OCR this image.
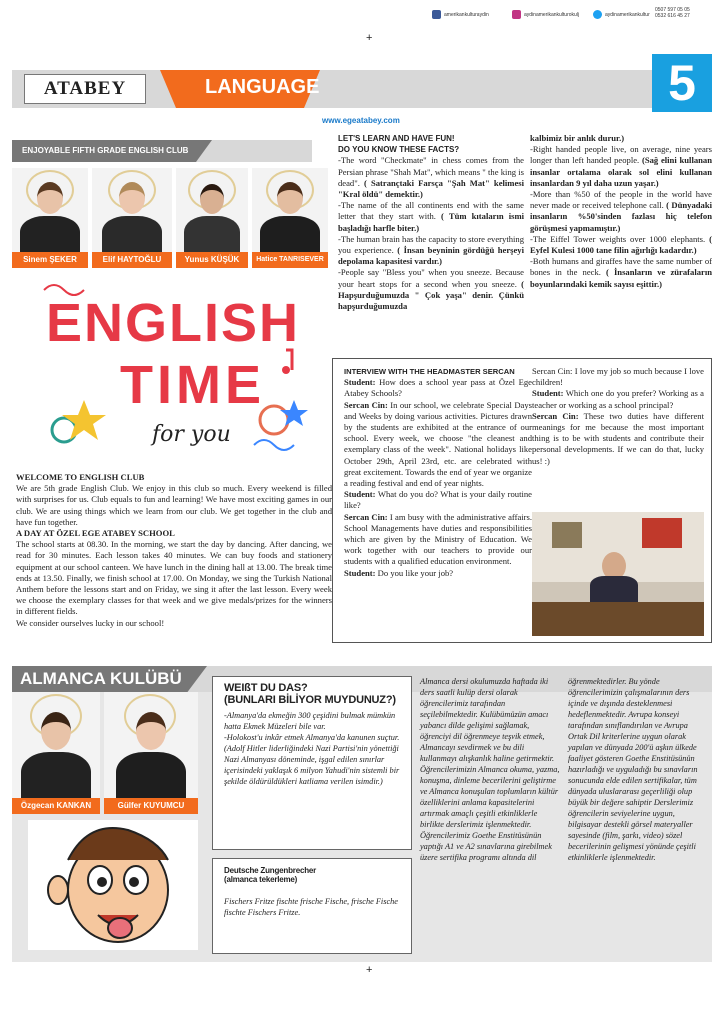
amerikankulturaydin	aydinamerikankulturokulj	aydinamerikankultur
0507 597 05 05
0532 616 45 27
+
ATABEY	LANGUAGE	5
www.egeatabey.com
ENJOYABLE FIFTH GRADE ENGLISH CLUB
Sinem ŞEKER	Elif HAYTOĞLU	Yunus KÜŞÜK	Hatice TANRISEVER
ENGLISH
TIME
for you
WELCOME TO ENGLISH CLUB
We are 5th grade English Club. We enjoy in this club so much. Every weekend is filled with surprises for us. Club equals to fun and learning! We have most exciting games in our club. We are using things which we learn from our club. We get together in the club and have fun together.
A DAY AT ÖZEL EGE ATABEY SCHOOL
The school starts at 08.30. In the morning, we start the day by dancing. After dancing, we read for 30 minutes. Each lesson takes 40 minutes. We can buy foods and stationery equipment at our school canteen. We have lunch in the dining hall at 13.00. The break time ends at 13.50. Finally, we finish school at 17.00. On Monday, we sing the Turkish National Anthem before the lessons start and on Friday, we sing it after the last lesson. Every week we choose the exemplary classes for that week and we give medals/prizes for the winners in different fields.
We consider ourselves lucky in our school!
LET'S LEARN AND HAVE FUN!
DO YOU KNOW THESE FACTS?
-The word "Checkmate" in chess comes from the Persian phrase "Shah Mat", which means " the king is dead". ( Satrançtaki Farsça "Şah Mat" kelimesi "Kral öldü" demektir.)
-The name of the all continents end with the same letter that they start with. ( Tüm kıtaların ismi başladığı harfle biter.)
-The human brain has the capacity to store everything you experience. ( İnsan beyninin gördüğü herşeyi depolama kapasitesi vardır.)
-People say "Bless you" when you sneeze. Because your heart stops for a second when you sneeze. ( Hapşurduğumuzda " Çok yaşa" denir. Çünkü hapşurduğumuzda
kalbimiz bir anlık durur.)
-Right handed people live, on average, nine years longer than left handed people. (Sağ elini kullanan insanlar ortalama olarak sol elini kullanan insanlardan 9 yıl daha uzun yaşar.)
-More than %50 of the people in the world have never made or received telephone call. ( Dünyadaki insanların %50'sinden fazlası hiç telefon görüşmesi yapmamıştır.)
-The Eiffel Tower weights over 1000 elephants. ( Eyfel Kulesi 1000 tane filin ağırlığı kadardır.)
-Both humans and giraffes have the same number of bones in the neck. ( İnsanların ve zürafaların boyunlarındaki kemik sayısı eşittir.)
INTERVIEW WITH THE HEADMASTER SERCAN
Student: How does a school year pass at Özel Ege Atabey Schools?
Sercan Cin: In our school, we celebrate Special Days and Weeks by doing various activities. Pictures drawn by the students are exhibited at the entrance of our school. Every week, we choose "the cleanest and exemplary class of the week". National holidays like October 29th, April 23rd, etc. are celebrated with great excitement. Towards the end of year we organize a reading festival and end of year nights.
Student: What do you do? What is your daily routine like?
Sercan Cin: I am busy with the administrative affairs. School Managements have duties and responsibilities which are given by the Ministry of Education. We work together with our teachers to provide our students with a qualified education environment.
Student: Do you like your job?
Sercan Cin: I love my job so much because I love children!
Student: Which one do you prefer? Working as a teacher or working as a school principal?
Sercan Cin: These two duties have different meanings for me because the most important thing is to be with students and contribute their personal developments. If we can do that, lucky us! :)
ALMANCA KULÜBÜ
Özgecan KANKAN	Gülfer KUYUMCU
WEIßT DU DAS?
(BUNLARI BİLİYOR MUYDUNUZ?)
-Almanya'da ekmeğin 300 çeşidini bulmak mümkün hatta Ekmek Müzeleri bile var.
-Holokost'u inkâr etmek Almanya'da kanunen suçtur. (Adolf Hitler liderliğindeki Nazi Partisi'nin yönettiği Nazi Almanyası döneminde, işgal edilen sınırlar içerisindeki yaklaşık 6 milyon Yahudi'nin sistemli bir şekilde öldürüldükleri katliama verilen isimdir.)
Deutsche Zungenbrecher
(almanca tekerleme)
Fischers Fritze fischte frische Fische, frische Fische fischte Fischers Fritze.
Almanca dersi okulumuzda haftada iki ders saatli kulüp dersi olarak öğrencilerimiz tarafından seçilebilmektedir. Kulübümüzün amacı yabancı dilde gelişimi sağlamak, öğrenciyi dil öğrenmeye teşvik etmek, Almancayı sevdirmek ve bu dili kullanmayı alışkanlık haline getirmektir. Öğrencilerimizin Almanca okuma, yazma, konuşma, dinleme becerilerini geliştirme ve Almanca konuşulan toplumların kültür özelliklerini anlama kapasitelerini artırmak amaçlı çeşitli etkinliklerle birlikte derslerimiz işlenmektedir. Öğrencilerimiz Goethe Enstitüsünün yaptığı A1 ve A2 sınavlarına girebilmek üzere sertifika programı altında dil
öğrenmektedirler. Bu yönde öğrencilerimizin çalışmalarının ders içinde ve dışında desteklenmesi hedeflenmektedir. Avrupa konseyi tarafından sınıflandırılan ve Avrupa Ortak Dil kriterlerine uygun olarak yapılan ve dünyada 200'ü aşkın ülkede faaliyet gösteren Goethe Enstitüsünün hazırladığı ve uyguladığı bu sınavların sonucunda elde edilen sertifikalar, tüm dünyada uluslararası geçerliliği olup büyük bir değere sahiptir Derslerimiz öğrencilerin seviyelerine uygun, bilgisayar destekli görsel materyaller sayesinde (film, şarkı, video) sözel becerilerinin gelişmesi yönünde çeşitli etkinliklerle işlenmektedir.
+
